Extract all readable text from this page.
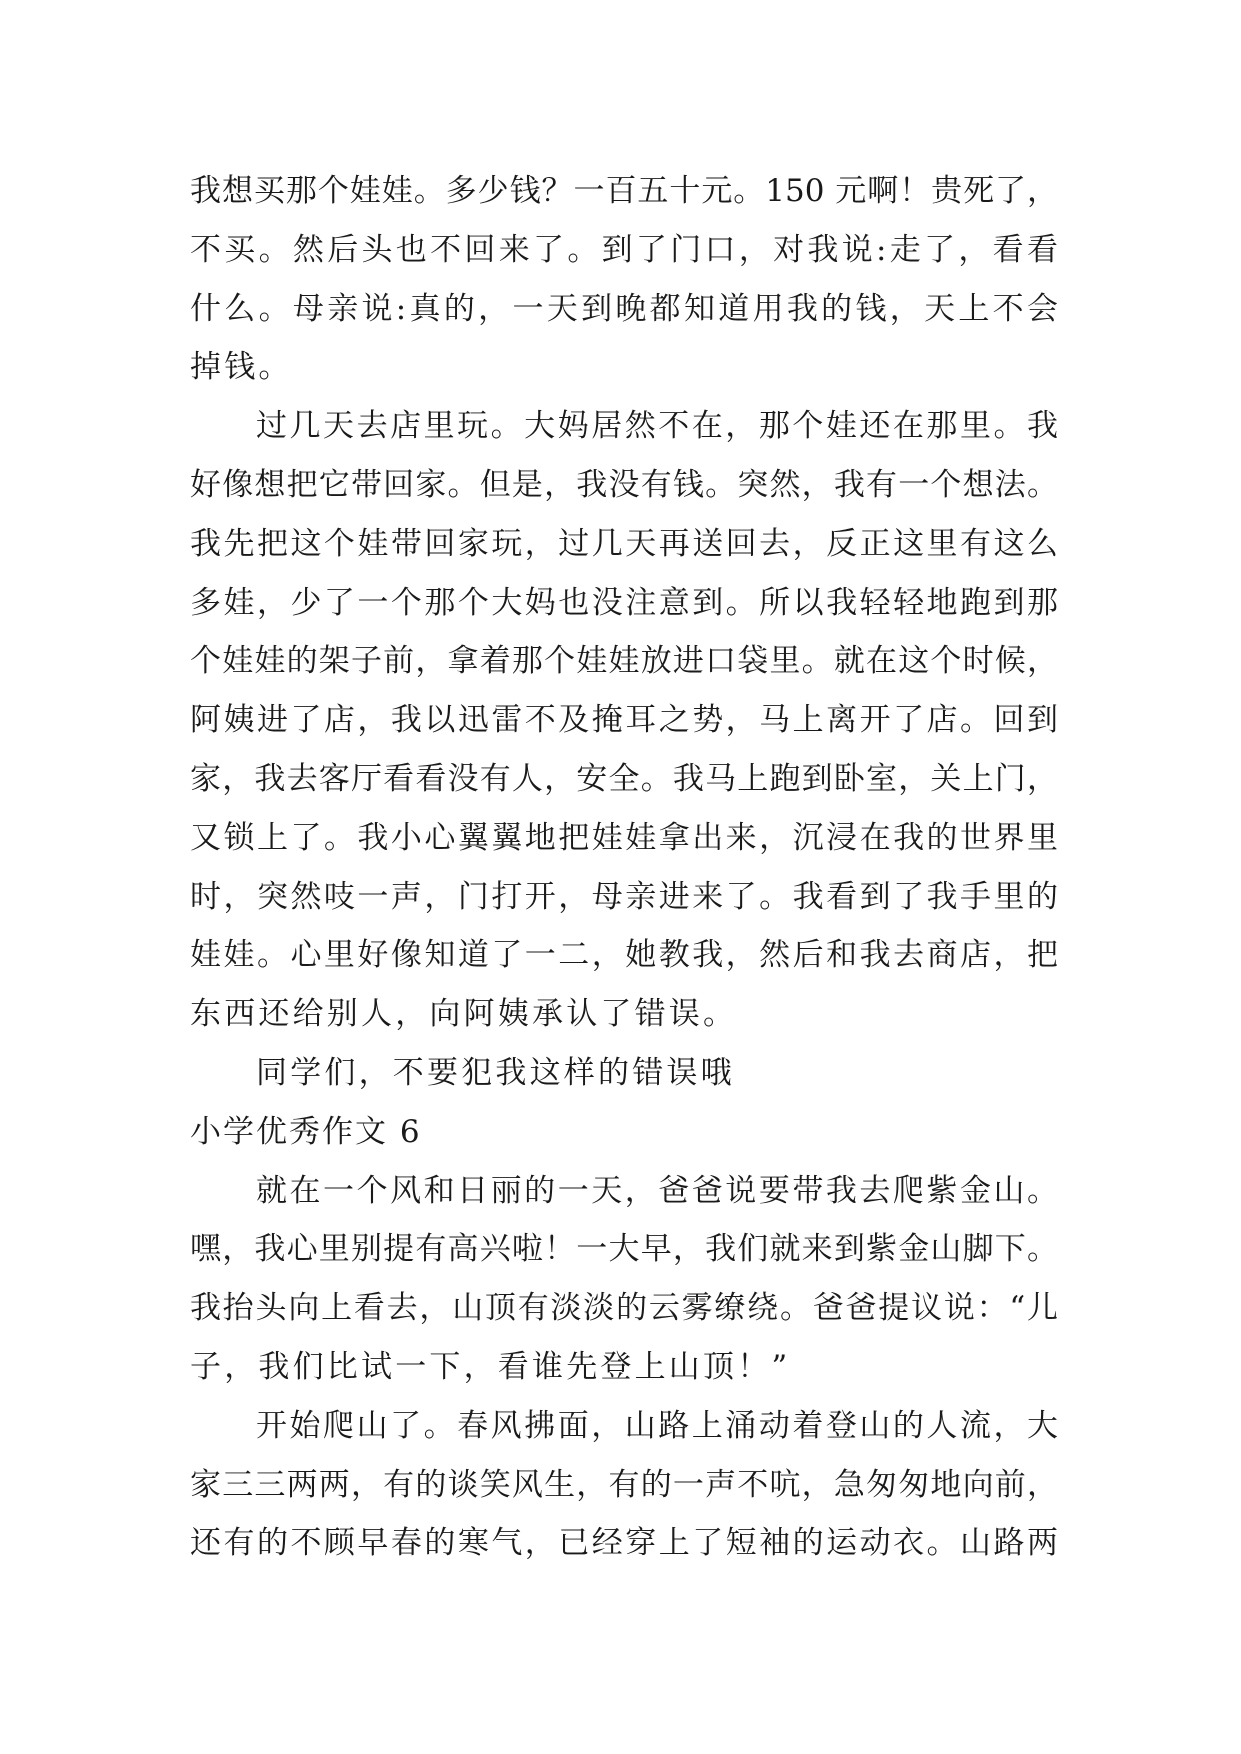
我想买那个娃娃。多少钱？一百五十元。150 元啊！贵死了，
不买。然后头也不回来了。到了门口，对我说:走了，看看
什么。母亲说:真的，一天到晚都知道用我的钱，天上不会
掉钱。
过几天去店里玩。大妈居然不在，那个娃还在那里。我
好像想把它带回家。但是，我没有钱。突然，我有一个想法。
我先把这个娃带回家玩，过几天再送回去，反正这里有这么
多娃，少了一个那个大妈也没注意到。所以我轻轻地跑到那
个娃娃的架子前，拿着那个娃娃放进口袋里。就在这个时候，
阿姨进了店，我以迅雷不及掩耳之势，马上离开了店。回到
家，我去客厅看看没有人，安全。我马上跑到卧室，关上门，
又锁上了。我小心翼翼地把娃娃拿出来，沉浸在我的世界里
时，突然吱一声，门打开，母亲进来了。我看到了我手里的
娃娃。心里好像知道了一二，她教我，然后和我去商店，把
东西还给别人，向阿姨承认了错误。
同学们，不要犯我这样的错误哦
小学优秀作文 6
就在一个风和日丽的一天，爸爸说要带我去爬紫金山。
嘿，我心里别提有高兴啦！一大早，我们就来到紫金山脚下。
我抬头向上看去，山顶有淡淡的云雾缭绕。爸爸提议说：“儿
子，我们比试一下，看谁先登上山顶！”
开始爬山了。春风拂面，山路上涌动着登山的人流，大
家三三两两，有的谈笑风生，有的一声不吭，急匆匆地向前，
还有的不顾早春的寒气，已经穿上了短袖的运动衣。山路两
